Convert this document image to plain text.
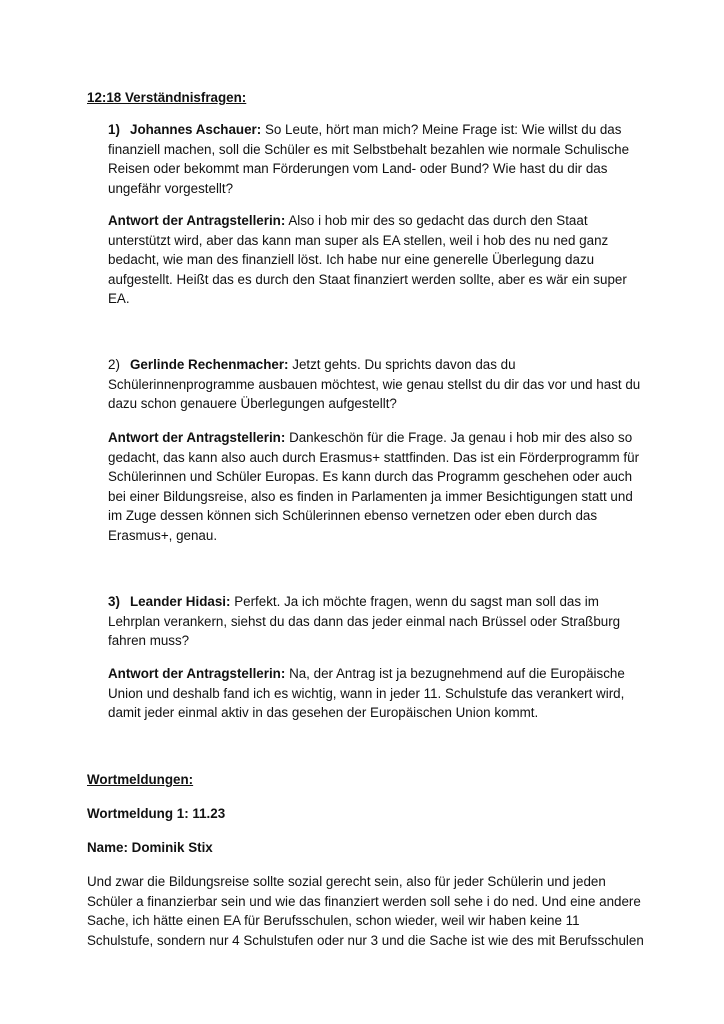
12:18 Verständnisfragen:

1) Johannes Aschauer: So Leute, hört man mich? Meine Frage ist: Wie willst du das finanziell machen, soll die Schüler es mit Selbstbehalt bezahlen wie normale Schulische Reisen oder bekommt man Förderungen vom Land- oder Bund? Wie hast du dir das ungefähr vorgestellt?

Antwort der Antragstellerin: Also i hob mir des so gedacht das durch den Staat unterstützt wird, aber das kann man super als EA stellen, weil i hob des nu ned ganz bedacht, wie man des finanziell löst. Ich habe nur eine generelle Überlegung dazu aufgestellt. Heißt das es durch den Staat finanziert werden sollte, aber es wär ein super EA.

2) Gerlinde Rechenmacher: Jetzt gehts. Du sprichts davon das du Schülerinnenprogramme ausbauen möchtest, wie genau stellst du dir das vor und hast du dazu schon genauere Überlegungen aufgestellt?

Antwort der Antragstellerin: Dankeschön für die Frage. Ja genau i hob mir des also so gedacht, das kann also auch durch Erasmus+ stattfinden. Das ist ein Förderprogramm für Schülerinnen und Schüler Europas. Es kann durch das Programm geschehen oder auch bei einer Bildungsreise, also es finden in Parlamenten ja immer Besichtigungen statt und im Zuge dessen können sich Schülerinnen ebenso vernetzen oder eben durch das Erasmus+, genau.

3) Leander Hidasi: Perfekt. Ja ich möchte fragen, wenn du sagst man soll das im Lehrplan verankern, siehst du das dann das jeder einmal nach Brüssel oder Straßburg fahren muss?

Antwort der Antragstellerin: Na, der Antrag ist ja bezugnehmend auf die Europäische Union und deshalb fand ich es wichtig, wann in jeder 11. Schulstufe das verankert wird, damit jeder einmal aktiv in das gesehen der Europäischen Union kommt.

Wortmeldungen:

Wortmeldung 1: 11.23

Name: Dominik Stix

Und zwar die Bildungsreise sollte sozial gerecht sein, also für jeder Schülerin und jeden Schüler a finanzierbar sein und wie das finanziert werden soll sehe i do ned. Und eine andere Sache, ich hätte einen EA für Berufsschulen, schon wieder, weil wir haben keine 11 Schulstufe, sondern nur 4 Schulstufen oder nur 3 und die Sache ist wie des mit Berufsschulen
